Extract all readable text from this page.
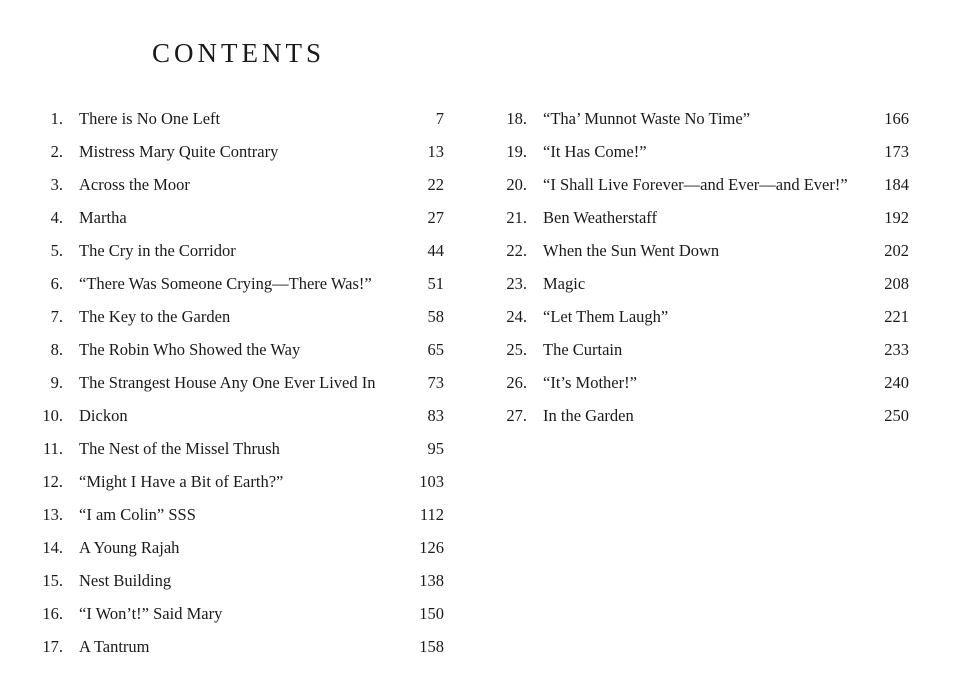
CONTENTS
1. There is No One Left	7
2. Mistress Mary Quite Contrary	13
3. Across the Moor	22
4. Martha	27
5. The Cry in the Corridor	44
6. “There Was Someone Crying—There Was!”	51
7. The Key to the Garden	58
8. The Robin Who Showed the Way	65
9. The Strangest House Any One Ever Lived In	73
10. Dickon	83
11. The Nest of the Missel Thrush	95
12. “Might I Have a Bit of Earth?”	103
13. “I am Colin” SSS	112
14. A Young Rajah	126
15. Nest Building	138
16. “I Won’t!” Said Mary	150
17. A Tantrum	158
18. “Tha’ Munnot Waste No Time”	166
19. “It Has Come!”	173
20. “I Shall Live Forever—and Ever—and Ever!”	184
21. Ben Weatherstaff	192
22. When the Sun Went Down	202
23. Magic	208
24. “Let Them Laugh”	221
25. The Curtain	233
26. “It’s Mother!”	240
27. In the Garden	250
